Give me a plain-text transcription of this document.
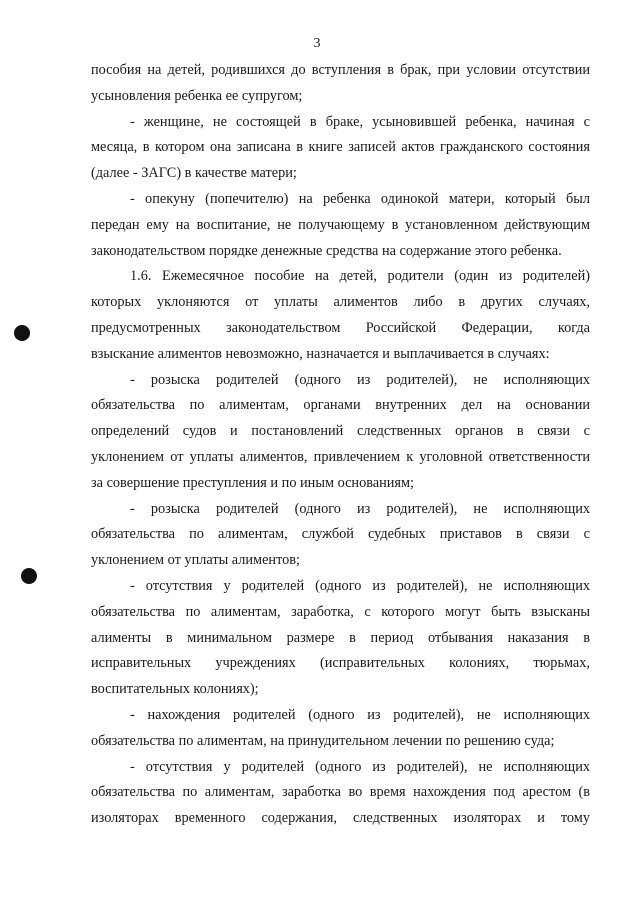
3

пособия на детей, родившихся до вступления в брак, при условии отсутствии
усыновления ребенка ее супругом;

- женщине, не состоящей в браке, усыновившей ребенка, начиная с
месяца, в котором она записана в книге записей актов гражданского состояния
(далее - ЗАГС) в качестве матери;

- опекуну (попечителю) на ребенка одинокой матери, который был
передан ему на воспитание, не получающему в установленном действующим
законодательством порядке денежные средства на содержание этого ребенка.

1.6. Ежемесячное пособие на детей, родители (один из родителей)
которых уклоняются от уплаты алиментов либо в других случаях,
предусмотренных законодательством Российской Федерации, когда
взыскание алиментов невозможно, назначается и выплачивается в случаях:

- розыска родителей (одного из родителей), не исполняющих
обязательства по алиментам, органами внутренних дел на основании
определений судов и постановлений следственных органов в связи с
уклонением от уплаты алиментов, привлечением к уголовной ответственности
за совершение преступления и по иным основаниям;

- розыска родителей (одного из родителей), не исполняющих
обязательства по алиментам, службой судебных приставов в связи с
уклонением от уплаты алиментов;

- отсутствия у родителей (одного из родителей), не исполняющих
обязательства по алиментам, заработка, с которого могут быть взысканы
алименты в минимальном размере в период отбывания наказания в
исправительных учреждениях (исправительных колониях, тюрьмах,
воспитательных колониях);

- нахождения родителей (одного из родителей), не исполняющих
обязательства по алиментам, на принудительном лечении по решению суда;

- отсутствия у родителей (одного из родителей), не исполняющих
обязательства по алиментам, заработка во время нахождения под арестом (в
изоляторах временного содержания, следственных изоляторах и тому
